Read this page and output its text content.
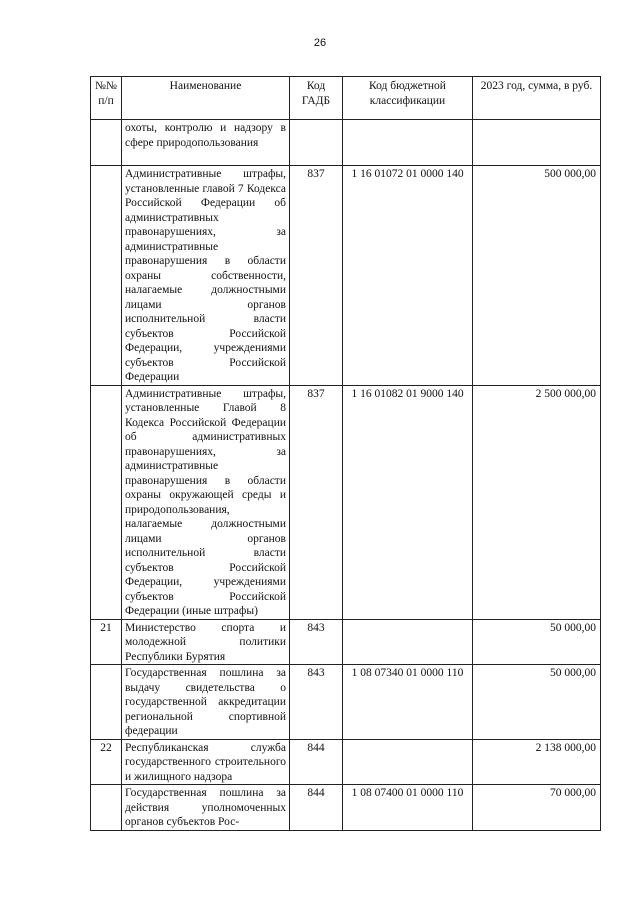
26
№№ п/п	Наименование	Код ГАДБ	Код бюджетной классификации	2023 год, сумма, в руб.
	охоты, контролю и надзору в сфере природопользования			
	Административные штрафы, установленные главой 7 Кодекса Российской Федерации об административных правонарушениях, за административные правонарушения в области охраны собственности, налагаемые должностными лицами органов исполнительной власти субъектов Российской Федерации, учреждениями субъектов Российской Федерации	837	1 16 01072 01 0000 140	500 000,00
	Административные штрафы, установленные Главой 8 Кодекса Российской Федерации об административных правонарушениях, за административные правонарушения в области охраны окружающей среды и природопользования, налагаемые должностными лицами органов исполнительной власти субъектов Российской Федерации, учреждениями субъектов Российской Федерации (иные штрафы)	837	1 16 01082 01 9000 140	2 500 000,00
21	Министерство спорта и молодежной политики Республики Бурятия	843		50 000,00
	Государственная пошлина за выдачу свидетельства о государственной аккредитации региональной спортивной федерации	843	1 08 07340 01 0000 110	50 000,00
22	Республиканская служба государственного строительного и жилищного надзора	844		2 138 000,00
	Государственная пошлина за действия уполномоченных органов субъектов Рос-	844	1 08 07400 01 0000 110	70 000,00
